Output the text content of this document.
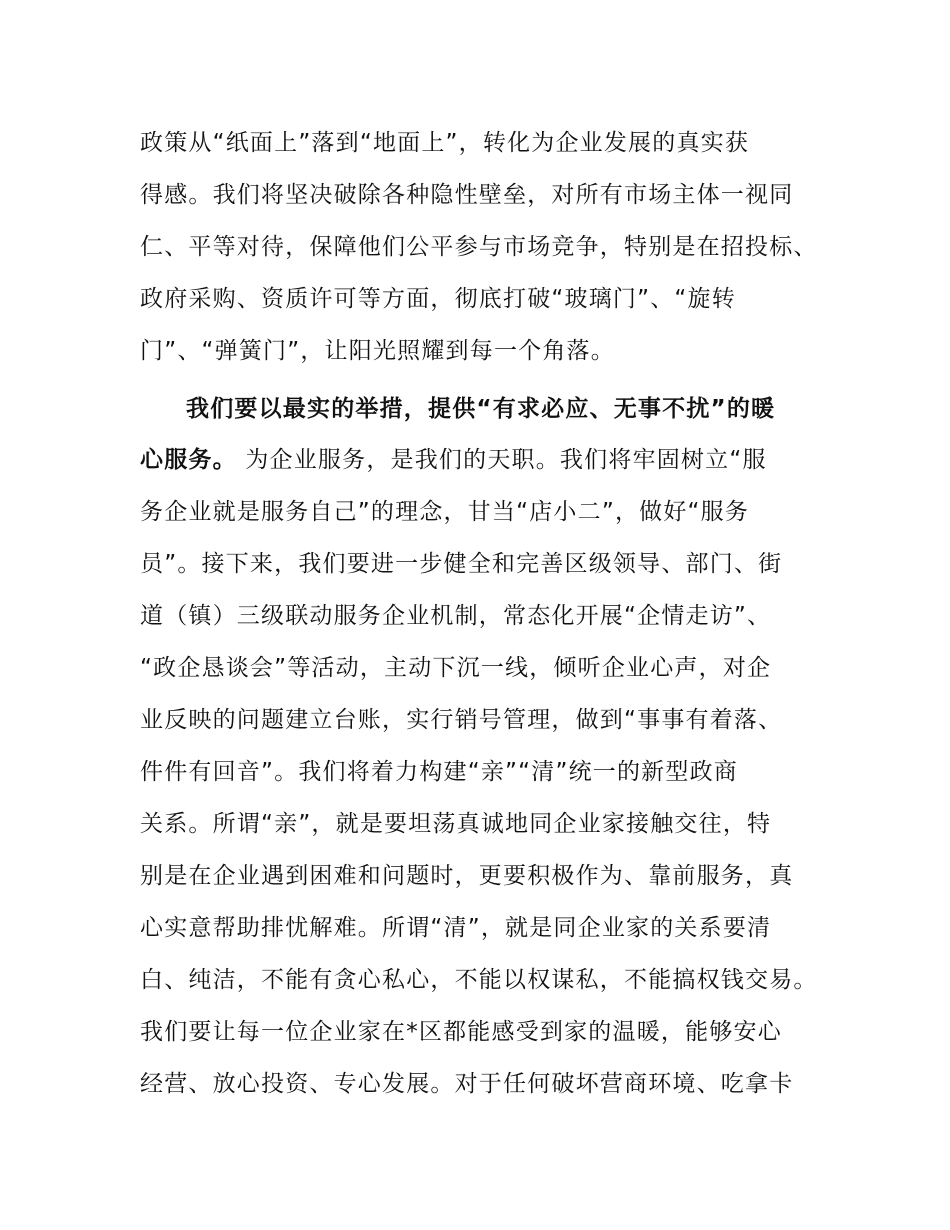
政策从“纸面上”落到“地面上”，转化为企业发展的真实获
得感。我们将坚决破除各种隐性壁垒，对所有市场主体一视同
仁、平等对待，保障他们公平参与市场竞争，特别是在招投标、
政府采购、资质许可等方面，彻底打破“玻璃门”、“旋转
门”、“弹簧门”，让阳光照耀到每一个角落。
我们要以最实的举措，提供“有求必应、无事不扰”的暖
心服务。 为企业服务，是我们的天职。我们将牢固树立“服
务企业就是服务自己”的理念，甘当“店小二”，做好“服务
员”。接下来，我们要进一步健全和完善区级领导、部门、街
道（镇）三级联动服务企业机制，常态化开展“企情走访”、
“政企恳谈会”等活动，主动下沉一线，倾听企业心声，对企
业反映的问题建立台账，实行销号管理，做到“事事有着落、
件件有回音”。我们将着力构建“亲”“清”统一的新型政商
关系。所谓“亲”，就是要坦荡真诚地同企业家接触交往，特
别是在企业遇到困难和问题时，更要积极作为、靠前服务，真
心实意帮助排忧解难。所谓“清”，就是同企业家的关系要清
白、纯洁，不能有贪心私心，不能以权谋私，不能搞权钱交易。
我们要让每一位企业家在*区都能感受到家的温暖，能够安心
经营、放心投资、专心发展。对于任何破坏营商环境、吃拿卡
